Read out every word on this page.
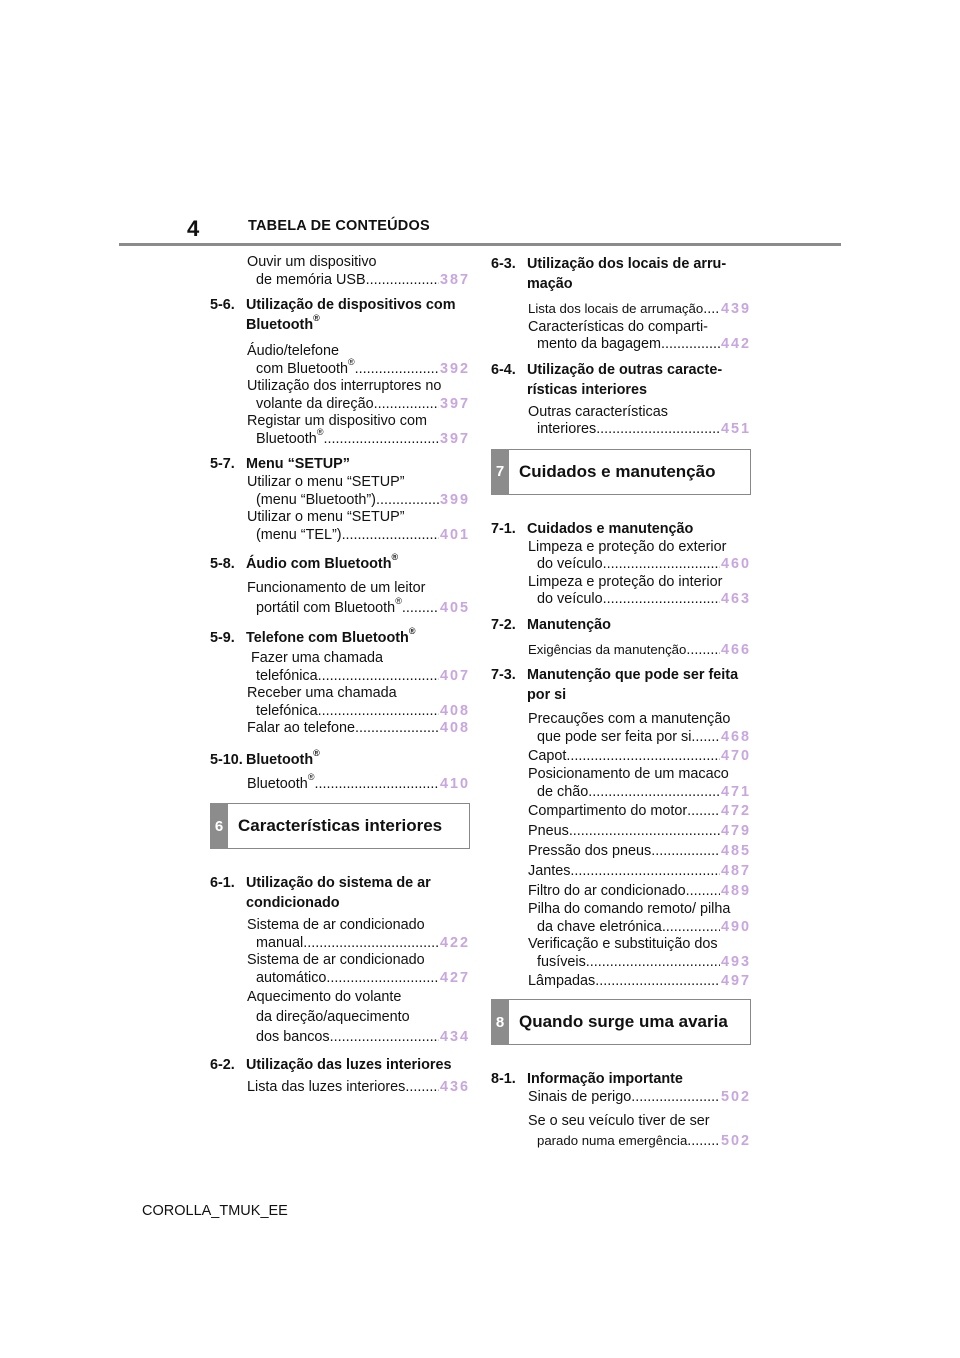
4	TABELA DE CONTEÚDOS
Ouvir um dispositivo
de memória USB .....	387
5-6. Utilização de dispositivos com Bluetooth®
Áudio/telefone
com Bluetooth® .....	392
Utilização dos interruptores no
volante da direção .....	397
Registar um dispositivo com
Bluetooth® .....	397
5-7. Menu “SETUP”
Utilizar o menu “SETUP”
(menu “Bluetooth”) .....	399
Utilizar o menu “SETUP”
(menu “TEL”) .....	401
5-8. Áudio com Bluetooth®
Funcionamento de um leitor
portátil com Bluetooth® .....	405
5-9. Telefone com Bluetooth®
Fazer uma chamada
telefónica .....	407
Receber uma chamada
telefónica .....	408
Falar ao telefone .....	408
5-10. Bluetooth®
Bluetooth® .....	410
6 Características interiores
6-1. Utilização do sistema de ar condicionado
Sistema de ar condicionado
manual .....	422
Sistema de ar condicionado
automático .....	427
Aquecimento do volante
da direção/aquecimento
dos bancos .....	434
6-2. Utilização das luzes interiores
Lista das luzes interiores ..... 436
6-3. Utilização dos locais de arru-mação
Lista dos locais de arrumação ..... 439
Características do comparti-
mento da bagagem .....	442
6-4. Utilização de outras caracte-rísticas interiores
Outras características
interiores .....	451
7 Cuidados e manutenção
7-1. Cuidados e manutenção
Limpeza e proteção do exterior
do veículo .....	460
Limpeza e proteção do interior
do veículo .....	463
7-2. Manutenção
Exigências da manutenção ..... 466
7-3. Manutenção que pode ser feita por si
Precauções com a manutenção
que pode ser feita por si ..... 468
Capot .....	470
Posicionamento de um macaco
de chão .....	471
Compartimento do motor ..... 472
Pneus .....	479
Pressão dos pneus .....	485
Jantes .....	487
Filtro do ar condicionado ..... 489
Pilha do comando remoto/ pilha
da chave eletrónica .....	490
Verificação e substituição dos
fusíveis .....	493
Lâmpadas .....	497
8 Quando surge uma avaria
8-1. Informação importante
Sinais de perigo .....	502
Se o seu veículo tiver de ser
parado numa emergência ..... 502
COROLLA_TMUK_EE
